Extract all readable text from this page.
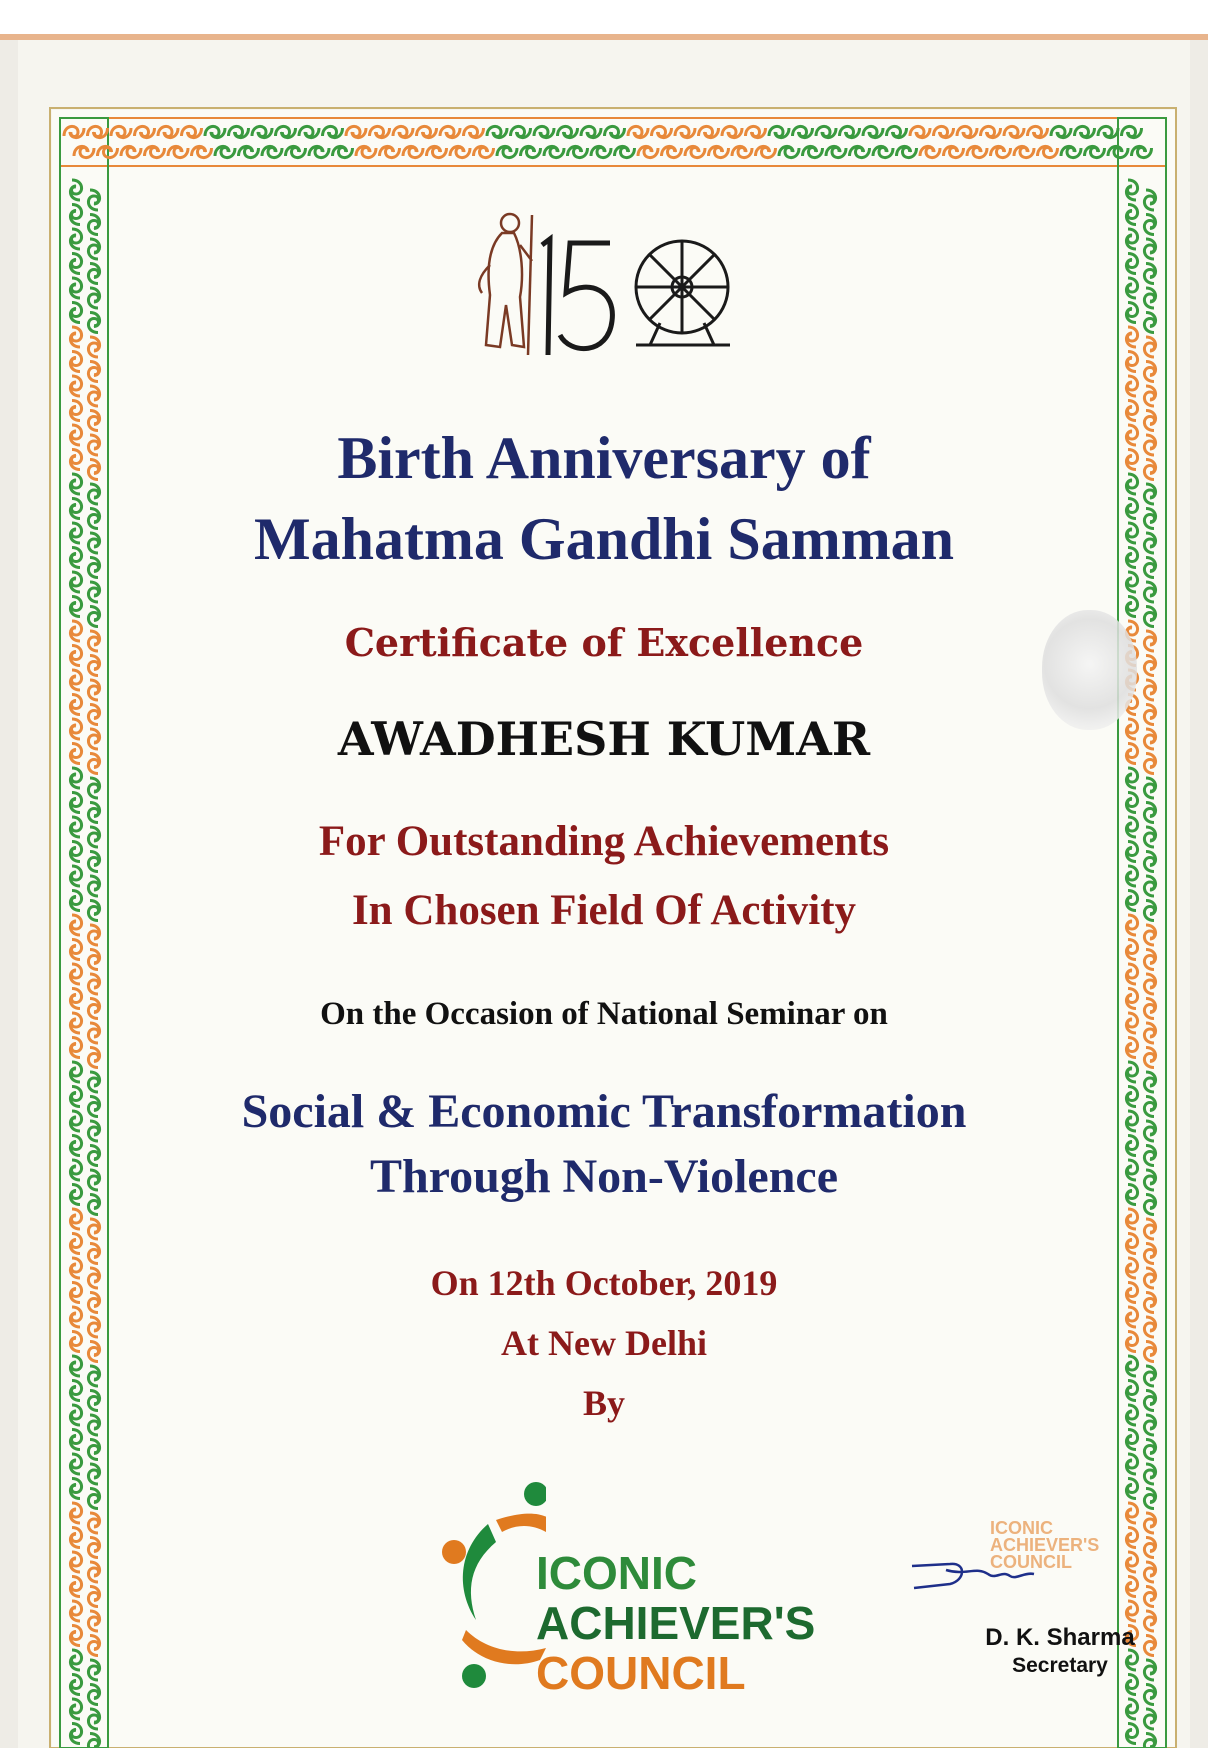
Birth Anniversary of
Mahatma Gandhi Samman
Certificate of Excellence
AWADHESH KUMAR
For Outstanding Achievements
In Chosen Field Of Activity
On the Occasion of National Seminar on
Social & Economic Transformation
Through Non-Violence
On 12th October, 2019
At New Delhi
By
ICONIC
ACHIEVER'S
COUNCIL
ICONIC
ACHIEVER'S
COUNCIL
D. K. Sharma
Secretary
